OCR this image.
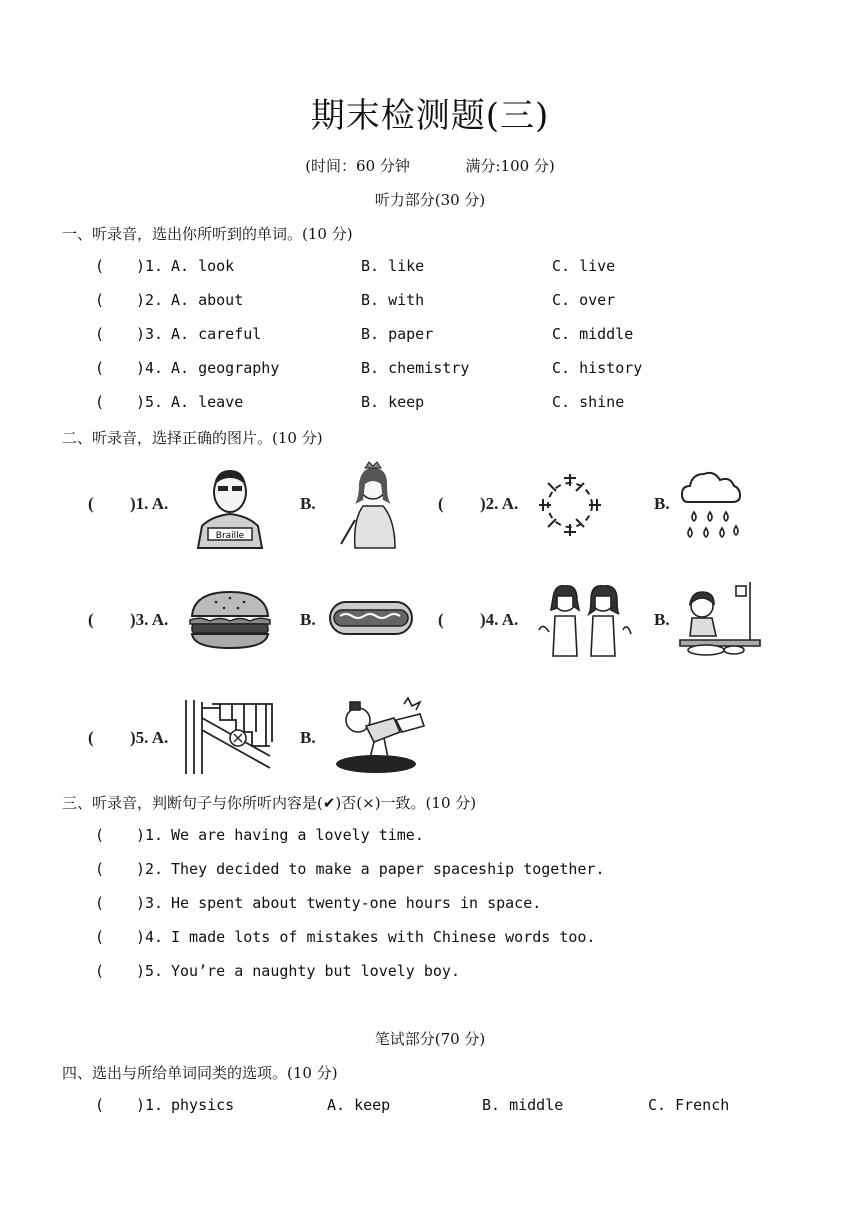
期末检测题(三)
(时间：60 分钟	满分:100 分)
听力部分(30 分)
一、听录音，选出你所听到的单词。(10 分)
( )1. A. look	B. like	C. live
( )2. A. about	B. with	C. over
( )3. A. careful	B. paper	C. middle
( )4. A. geography	B. chemistry	C. history
( )5. A. leave	B. keep	C. shine
二、听录音，选择正确的图片。(10 分)
( )1. A.
Braille
B.	( )2. A.	B.
( )3. A.	B.	( )4. A.	B.
( )5. A.	B.
三、听录音，判断句子与你所听内容是(✔)否(×)一致。(10 分)
( )1. We are having a lovely time.
( )2. They decided to make a paper spaceship together.
( )3. He spent about twenty-one hours in space.
( )4. I made lots of mistakes with Chinese words too.
( )5. You’re a naughty but lovely boy.
笔试部分(70 分)
四、选出与所给单词同类的选项。(10 分)
( )1. physics	A. keep	B. middle	C. French
